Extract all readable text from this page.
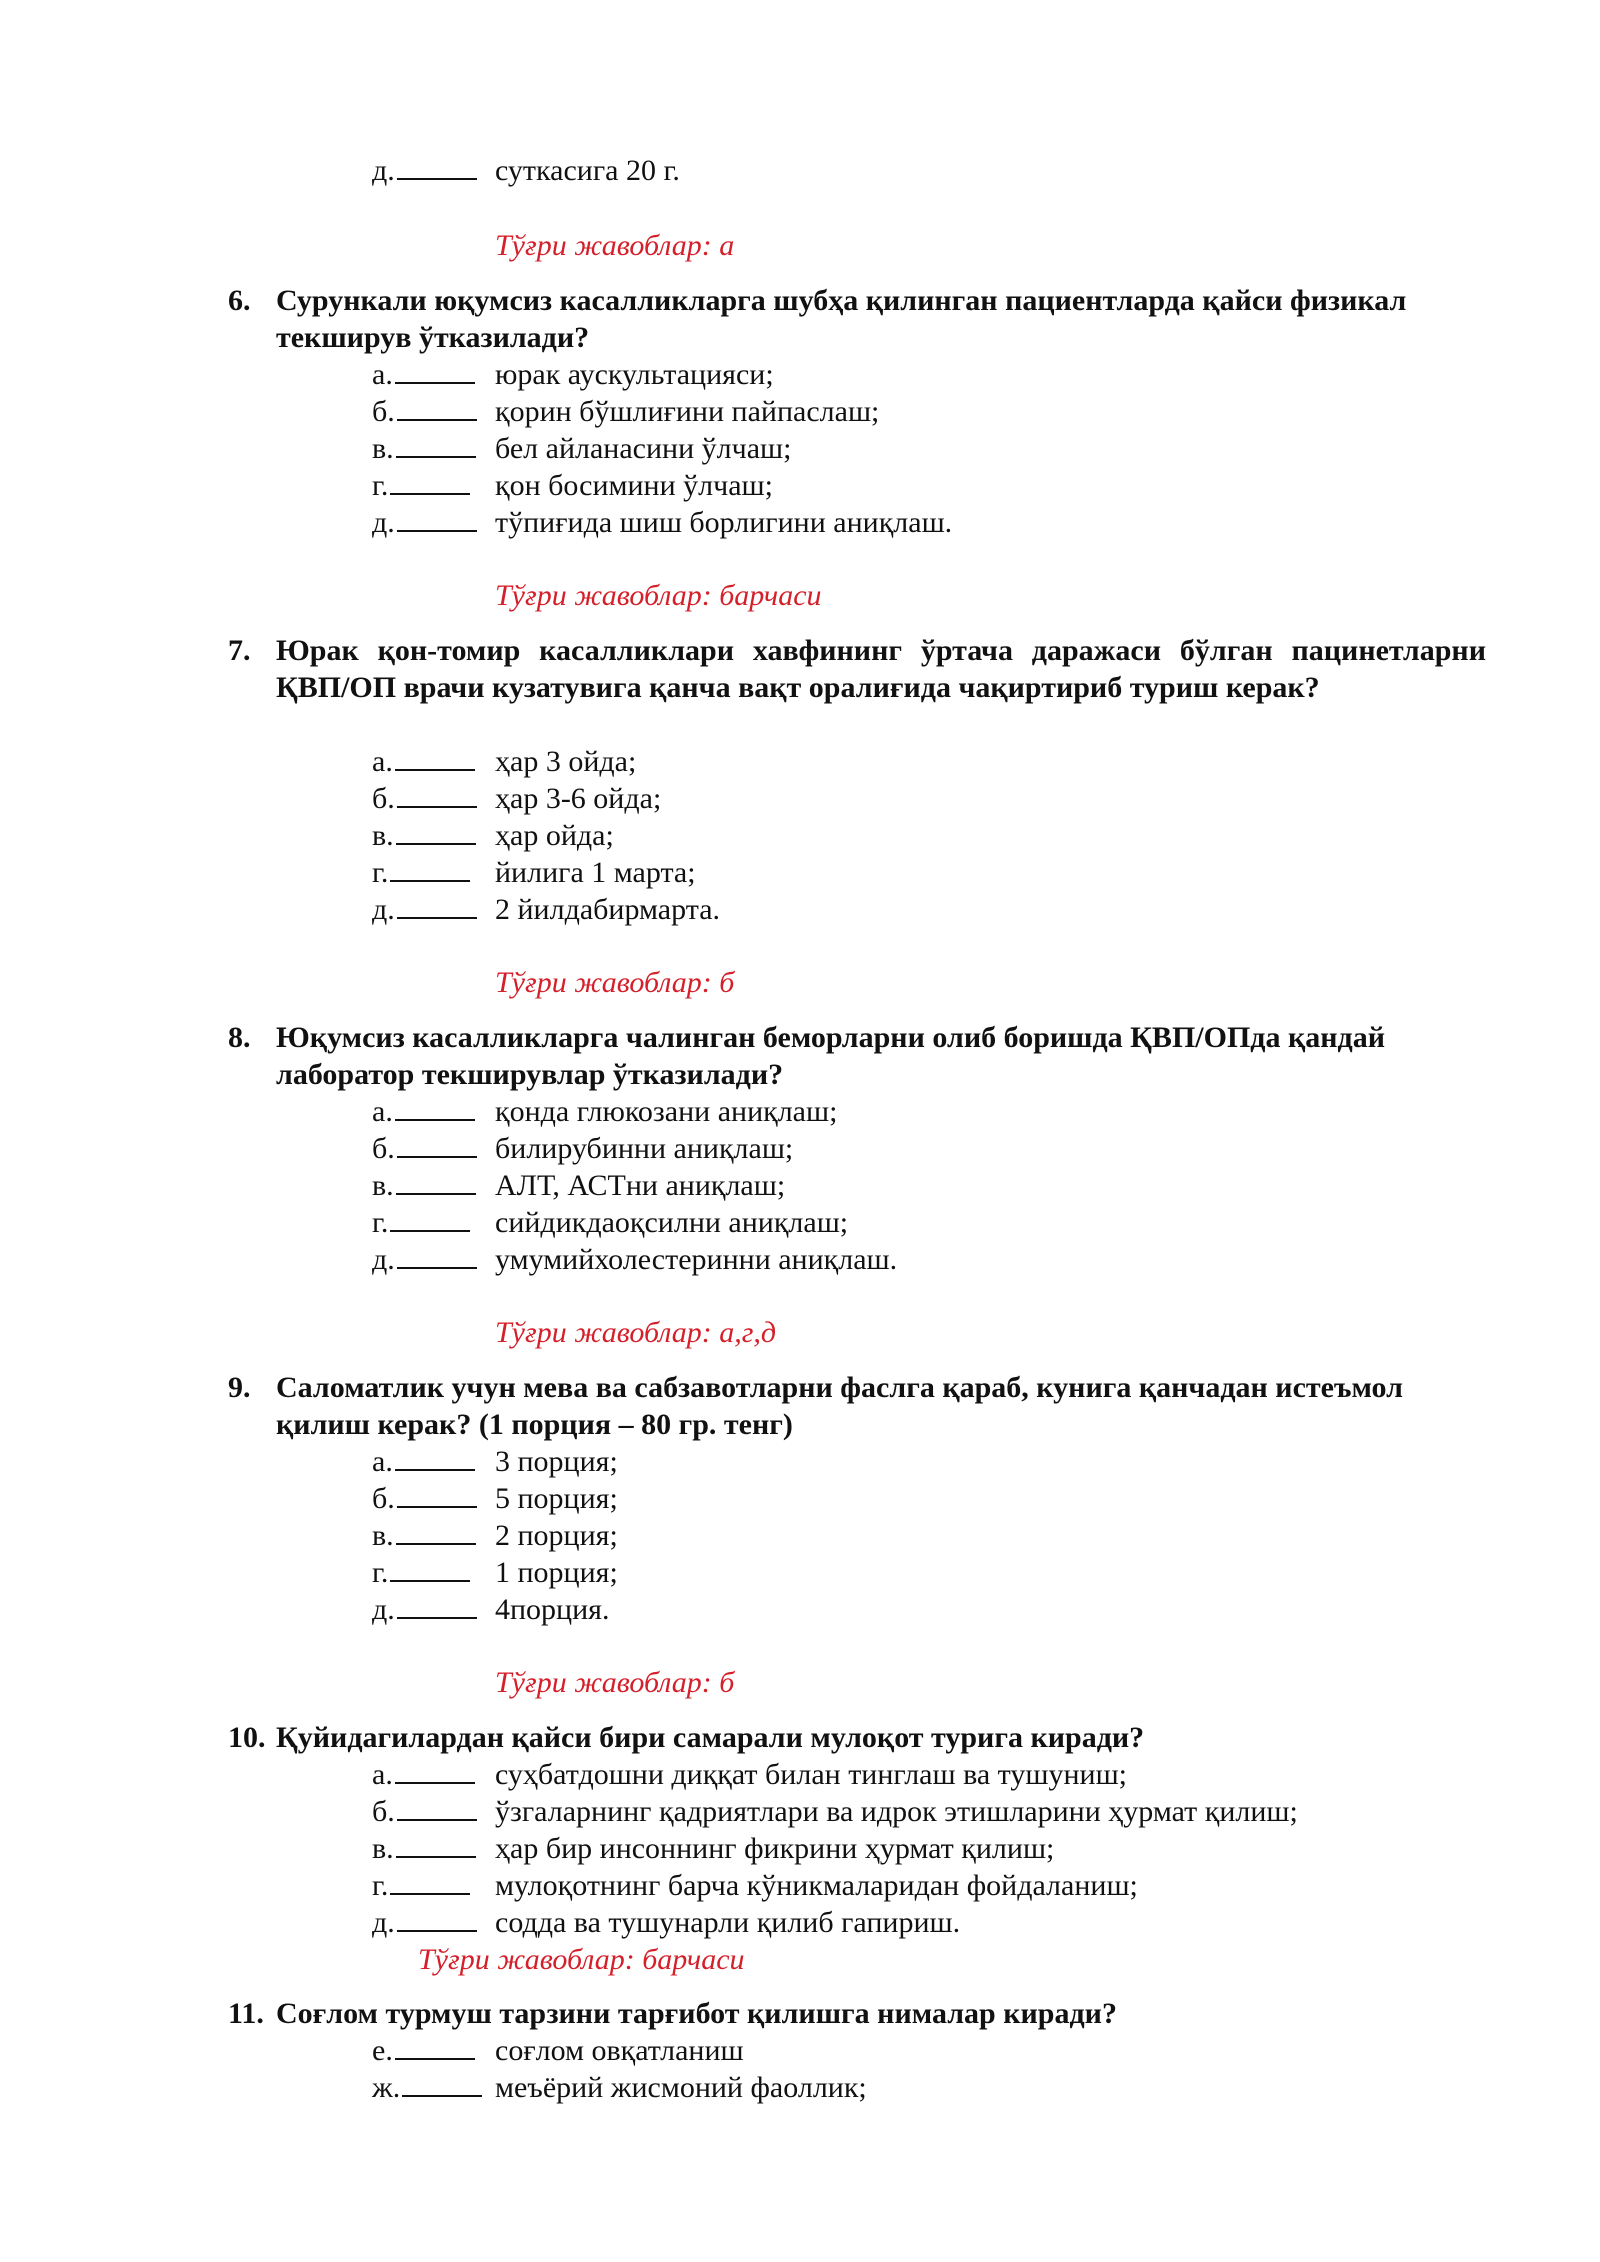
д.	суткасига 20 г.
Тўғри жавоблар: а
6. Сурункали юқумсиз касалликларга шубҳа қилинган пациентларда қайси физикал текширув ўтказилади?
а.	юрак аускультацияси;
б.	қорин бўшлиғини пайпаслаш;
в.	бел айланасини ўлчаш;
г.	қон босимини ўлчаш;
д.	тўпиғида шиш борлигини аниқлаш.
Тўғри жавоблар: барчаси
7. Юрак қон-томир касалликлари хавфининг ўртача даражаси бўлган пацинетларни ҚВП/ОП врачи кузатувига қанча вақт оралиғида чақиртириб туриш керак?
а.	ҳар 3 ойда;
б.	ҳар 3-6 ойда;
в.	ҳар ойда;
г.	йилига 1 марта;
д.	2 йилдабирмарта.
Тўғри жавоблар: б
8. Юқумсиз касалликларга чалинган беморларни олиб боришда ҚВП/ОПда қандай лаборатор текширувлар ўтказилади?
а.	қонда глюкозани аниқлаш;
б.	билирубинни аниқлаш;
в.	АЛТ, АСТни аниқлаш;
г.	сийдикдаоқсилни аниқлаш;
д.	умумийхолестеринни аниқлаш.
Тўғри жавоблар: а,г,д
9. Саломатлик учун мева ва сабзавотларни фаслга қараб, кунига қанчадан истеъмол қилиш керак? (1 порция – 80 гр. тенг)
а.	3 порция;
б.	5 порция;
в.	2 порция;
г.	1 порция;
д.	4порция.
Тўғри жавоблар: б
10. Қуйидагилардан қайси бири самарали мулоқот турига киради?
а.	суҳбатдошни диққат билан тинглаш ва тушуниш;
б.	ўзгаларнинг қадриятлари ва идрок этишларини ҳурмат қилиш;
в.	ҳар бир инсоннинг фикрини ҳурмат қилиш;
г.	мулоқотнинг барча кўникмаларидан фойдаланиш;
д.	содда ва тушунарли қилиб гапириш.
Тўғри жавоблар: барчаси
11. Соғлом турмуш тарзини тарғибот қилишга нималар киради?
е.	соғлом овқатланиш
ж.	меъёрий жисмоний фаоллик;
